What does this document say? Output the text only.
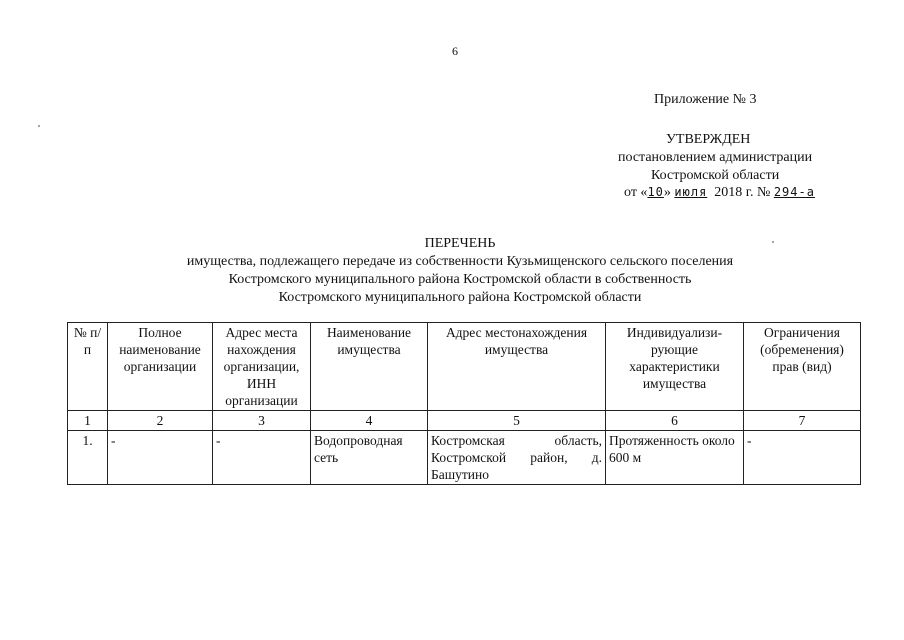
6
Приложение № 3
УТВЕРЖДЕН
постановлением администрации
Костромской области
от «10» июля 2018 г. № 294-а
ПЕРЕЧЕНЬ
имущества, подлежащего передаче из собственности Кузьмищенского сельского поселения
Костромского муниципального района Костромской области в собственность
Костромского муниципального района Костромской области
№ п/п	Полное наименование организации	Адрес места нахождения организации, ИНН организации	Наименование имущества	Адрес местонахождения имущества	Индивидуализи-рующие характеристики имущества	Ограничения (обременения) прав (вид)
1	2	3	4	5	6	7
1.	-	-	Водопроводная сеть	Костромская область, Костромской район, д. Башутино	Протяженность около 600 м	-
